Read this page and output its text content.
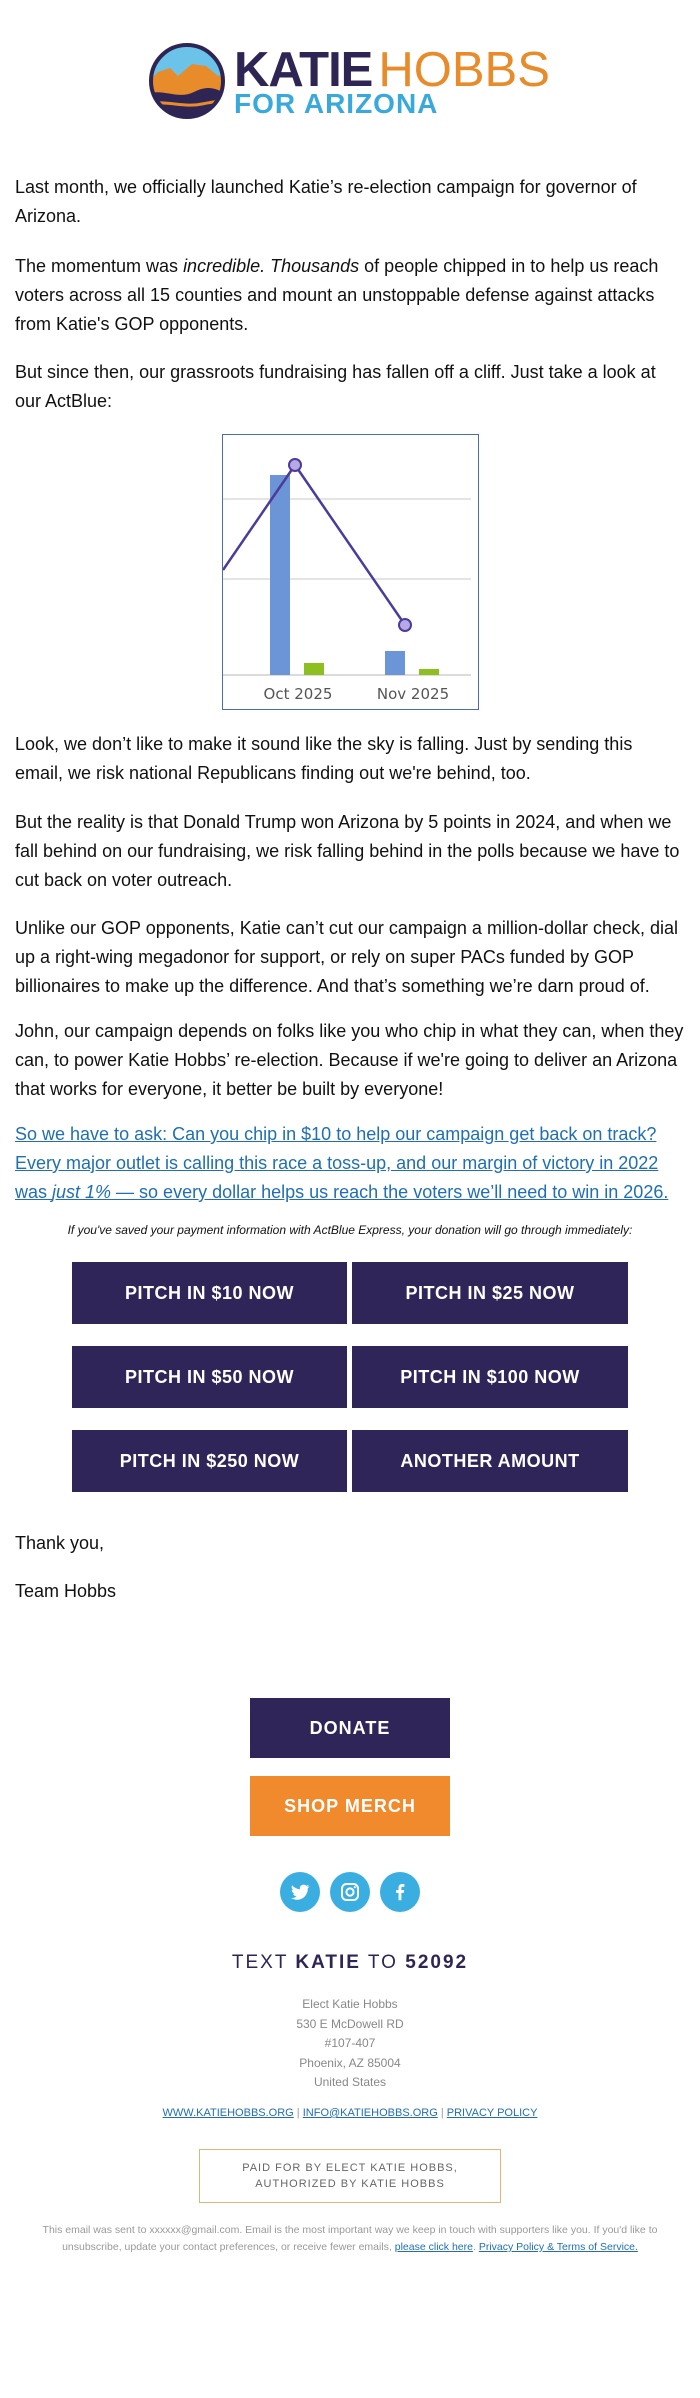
KATIE HOBBS
FOR ARIZONA

Last month, we officially launched Katie’s re-election campaign for governor of Arizona.

The momentum was incredible. Thousands of people chipped in to help us reach voters across all 15 counties and mount an unstoppable defense against attacks from Katie's GOP opponents.

But since then, our grassroots fundraising has fallen off a cliff. Just take a look at our ActBlue:

Oct 2025	Nov 2025

Look, we don’t like to make it sound like the sky is falling. Just by sending this email, we risk national Republicans finding out we're behind, too.

But the reality is that Donald Trump won Arizona by 5 points in 2024, and when we fall behind on our fundraising, we risk falling behind in the polls because we have to cut back on voter outreach.

Unlike our GOP opponents, Katie can’t cut our campaign a million-dollar check, dial up a right-wing megadonor for support, or rely on super PACs funded by GOP billionaires to make up the difference. And that’s something we’re darn proud of.

John, our campaign depends on folks like you who chip in what they can, when they can, to power Katie Hobbs’ re-election. Because if we're going to deliver an Arizona that works for everyone, it better be built by everyone!

So we have to ask: Can you chip in $10 to help our campaign get back on track? Every major outlet is calling this race a toss-up, and our margin of victory in 2022 was just 1% — so every dollar helps us reach the voters we’ll need to win in 2026.
If you've saved your payment information with ActBlue Express, your donation will go through immediately:
PITCH IN $10 NOW	PITCH IN $25 NOW
PITCH IN $50 NOW	PITCH IN $100 NOW
PITCH IN $250 NOW	ANOTHER AMOUNT
Thank you,
Team Hobbs
DONATE
SHOP MERCH
TEXT KATIE TO 52092
Elect Katie Hobbs
530 E McDowell RD
#107-407
Phoenix, AZ 85004
United States
WWW.KATIEHOBBS.ORG | INFO@KATIEHOBBS.ORG | PRIVACY POLICY
PAID FOR BY ELECT KATIE HOBBS,
AUTHORIZED BY KATIE HOBBS
This email was sent to xxxxxx@gmail.com. Email is the most important way we keep in touch with supporters like you. If you'd like to unsubscribe, update your contact preferences, or receive fewer emails, please click here. Privacy Policy & Terms of Service.
